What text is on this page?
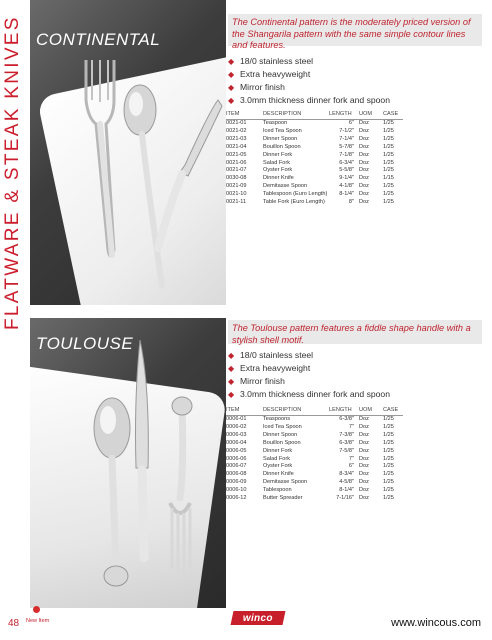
FLATWARE & STEAK KNIVES CONTINENTAL
The Continental pattern is the moderately priced version of the Shangarila pattern with the same simple contour lines and features.
◆ 18/0 stainless steel
◆ Extra heavyweight
◆ Mirror finish
◆ 3.0mm thickness dinner fork and spoon
ITEM	DESCRIPTION	LENGTH	UOM	CASE
0021-01	Teaspoon	6"	Doz	1/25
0021-02	Iced Tea Spoon	7-1/2"	Doz	1/25
0021-03	Dinner Spoon	7-1/4"	Doz	1/25
0021-04	Bouillon Spoon	5-7/8"	Doz	1/25
0021-05	Dinner Fork	7-1/8"	Doz	1/25
0021-06	Salad Fork	6-3/4"	Doz	1/25
0021-07	Oyster Fork	5-5/8"	Doz	1/25
0030-08	Dinner Knife	9-1/4"	Doz	1/15
0021-09	Demitasse Spoon	4-1/8"	Doz	1/25
0021-10	Tablespoon (Euro Length)	8-1/4"	Doz	1/25
0021-11	Table Fork (Euro Length)	8"	Doz	1/25
TOULOUSE
The Toulouse pattern features a fiddle shape handle with a stylish shell motif.
◆ 18/0 stainless steel
◆ Extra heavyweight
◆ Mirror finish
◆ 3.0mm thickness dinner fork and spoon
ITEM	DESCRIPTION	LENGTH	UOM	CASE
0006-01	Teaspoons	6-3/8"	Doz	1/25
0006-02	Iced Tea Spoon	7"	Doz	1/25
0006-03	Dinner Spoon	7-3/8"	Doz	1/25
0006-04	Bouillon Spoon	6-3/8"	Doz	1/25
0006-05	Dinner Fork	7-5/8"	Doz	1/25
0006-06	Salad Fork	7"	Doz	1/25
0006-07	Oyster Fork	6"	Doz	1/25
0006-08	Dinner Knife	8-3/4"	Doz	1/25
0006-09	Demitasse Spoon	4-5/8"	Doz	1/25
0006-10	Tablespoon	8-1/4"	Doz	1/25
0006-12	Butter Spreader	7-1/16"	Doz	1/25
48 New Item	winco	www.wincous.com
